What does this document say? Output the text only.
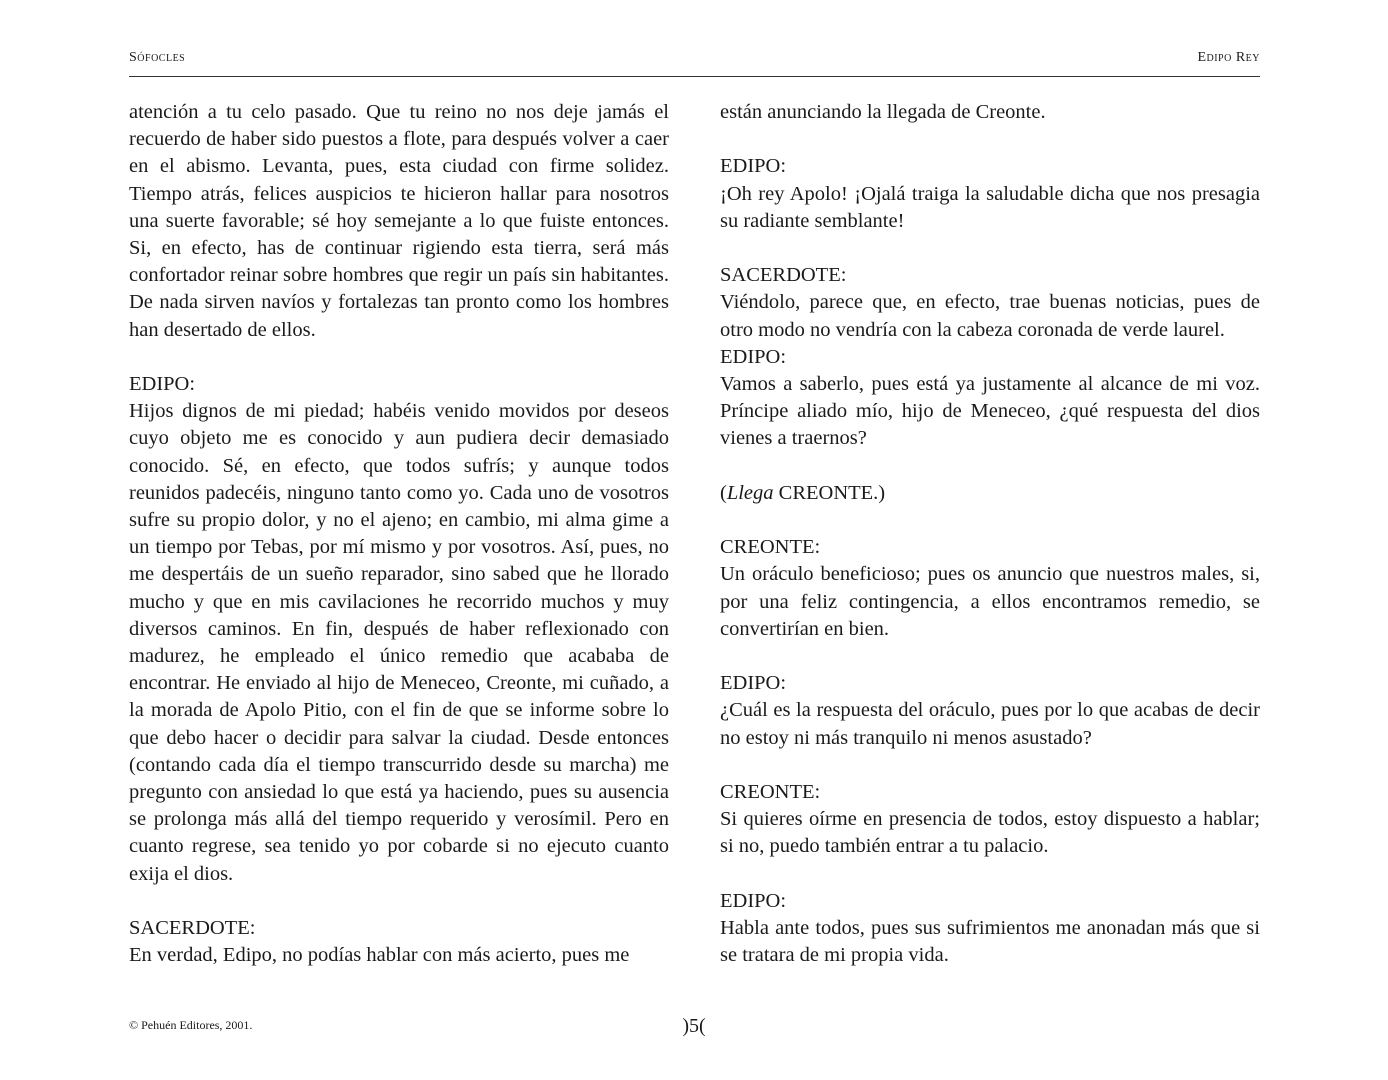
Sófocles	Edipo Rey
atención a tu celo pasado. Que tu reino no nos deje jamás el recuerdo de haber sido puestos a flote, para después volver a caer en el abismo. Levanta, pues, esta ciudad con firme solidez. Tiempo atrás, felices auspicios te hicieron hallar para nosotros una suerte favorable; sé hoy semejante a lo que fuiste entonces. Si, en efecto, has de continuar rigiendo esta tierra, será más confortador reinar sobre hombres que regir un país sin habitantes. De nada sirven navíos y fortalezas tan pronto como los hombres han desertado de ellos.
EDIPO:
Hijos dignos de mi piedad; habéis venido movidos por deseos cuyo objeto me es conocido y aun pudiera decir demasiado conocido. Sé, en efecto, que todos sufrís; y aunque todos reunidos padecéis, ninguno tanto como yo. Cada uno de vosotros sufre su propio dolor, y no el ajeno; en cambio, mi alma gime a un tiempo por Tebas, por mí mismo y por vosotros. Así, pues, no me despertáis de un sueño reparador, sino sabed que he llorado mucho y que en mis cavilaciones he recorrido muchos y muy diversos caminos. En fin, después de haber reflexionado con madurez, he empleado el único remedio que acababa de encontrar. He enviado al hijo de Meneceo, Creonte, mi cuñado, a la morada de Apolo Pitio, con el fin de que se informe sobre lo que debo hacer o decidir para salvar la ciudad. Desde entonces (contando cada día el tiempo transcurrido desde su marcha) me pregunto con ansiedad lo que está ya haciendo, pues su ausencia se prolonga más allá del tiempo requerido y verosímil. Pero en cuanto regrese, sea tenido yo por cobarde si no ejecuto cuanto exija el dios.
SACERDOTE:
En verdad, Edipo, no podías hablar con más acierto, pues me
están anunciando la llegada de Creonte.
EDIPO:
¡Oh rey Apolo! ¡Ojalá traiga la saludable dicha que nos presagia su radiante semblante!
SACERDOTE:
Viéndolo, parece que, en efecto, trae buenas noticias, pues de otro modo no vendría con la cabeza coronada de verde laurel.
EDIPO:
Vamos a saberlo, pues está ya justamente al alcance de mi voz. Príncipe aliado mío, hijo de Meneceo, ¿qué respuesta del dios vienes a traernos?
(Llega CREONTE.)
CREONTE:
Un oráculo beneficioso; pues os anuncio que nuestros males, si, por una feliz contingencia, a ellos encontramos remedio, se convertirían en bien.
EDIPO:
¿Cuál es la respuesta del oráculo, pues por lo que acabas de decir no estoy ni más tranquilo ni menos asustado?
CREONTE:
Si quieres oírme en presencia de todos, estoy dispuesto a hablar; si no, puedo también entrar a tu palacio.
EDIPO:
Habla ante todos, pues sus sufrimientos me anonadan más que si se tratara de mi propia vida.
© Pehuén Editores, 2001.	)5(
